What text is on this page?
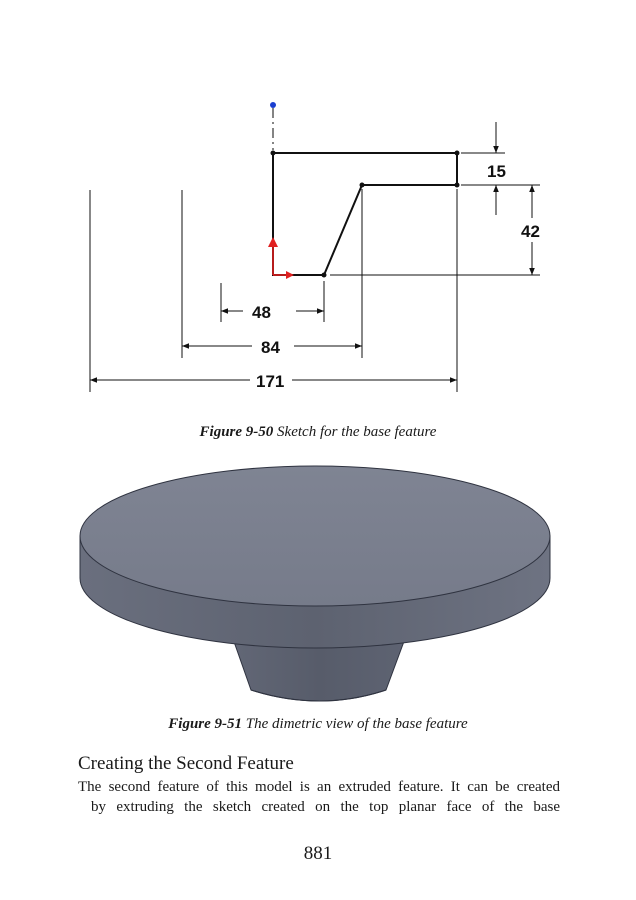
15
42
48
84
171
Figure 9-50 Sketch for the base feature
Figure 9-51 The dimetric view of the base feature
Creating the Second Feature

The second feature of this model is an extruded feature. It can be created
by extruding the sketch created on the top planar face of the base

881
